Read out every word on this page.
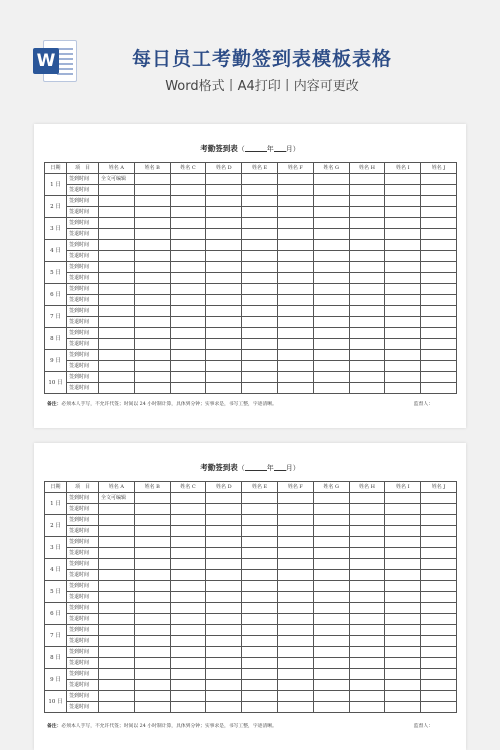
W	每日员工考勤签到表模板表格
Word格式丨A4打印丨内容可更改
考勤签到表（	年 月）
日期	项　目	姓名 A	姓名 B	姓名 C	姓名 D	姓名 E	姓名 F	姓名 G	姓名 H	姓名 I	姓名 J
1 日	签到时间	全文可编辑									
	签退时间										
2 日	签到时间										
	签退时间										
3 日	签到时间										
	签退时间										
4 日	签到时间										
	签退时间										
5 日	签到时间										
	签退时间										
6 日	签到时间										
	签退时间										
7 日	签到时间										
	签退时间										
8 日	签到时间										
	签退时间										
9 日	签到时间										
	签退时间										
10 日	签到时间										
	签退时间										
备注：必须本人手写，不允许代签；时间以 24 小时制计算，具体到分钟；实事求是，书写工整，字迹清晰。	监督人：
考勤签到表（	年 月）
日期	项　目	姓名 A	姓名 B	姓名 C	姓名 D	姓名 E	姓名 F	姓名 G	姓名 H	姓名 I	姓名 J
1 日	签到时间	全文可编辑									
	签退时间										
2 日	签到时间										
	签退时间										
3 日	签到时间										
	签退时间										
4 日	签到时间										
	签退时间										
5 日	签到时间										
	签退时间										
6 日	签到时间										
	签退时间										
7 日	签到时间										
	签退时间										
8 日	签到时间										
	签退时间										
9 日	签到时间										
	签退时间										
10 日	签到时间										
	签退时间										
备注：必须本人手写，不允许代签；时间以 24 小时制计算，具体到分钟；实事求是，书写工整，字迹清晰。	监督人：
